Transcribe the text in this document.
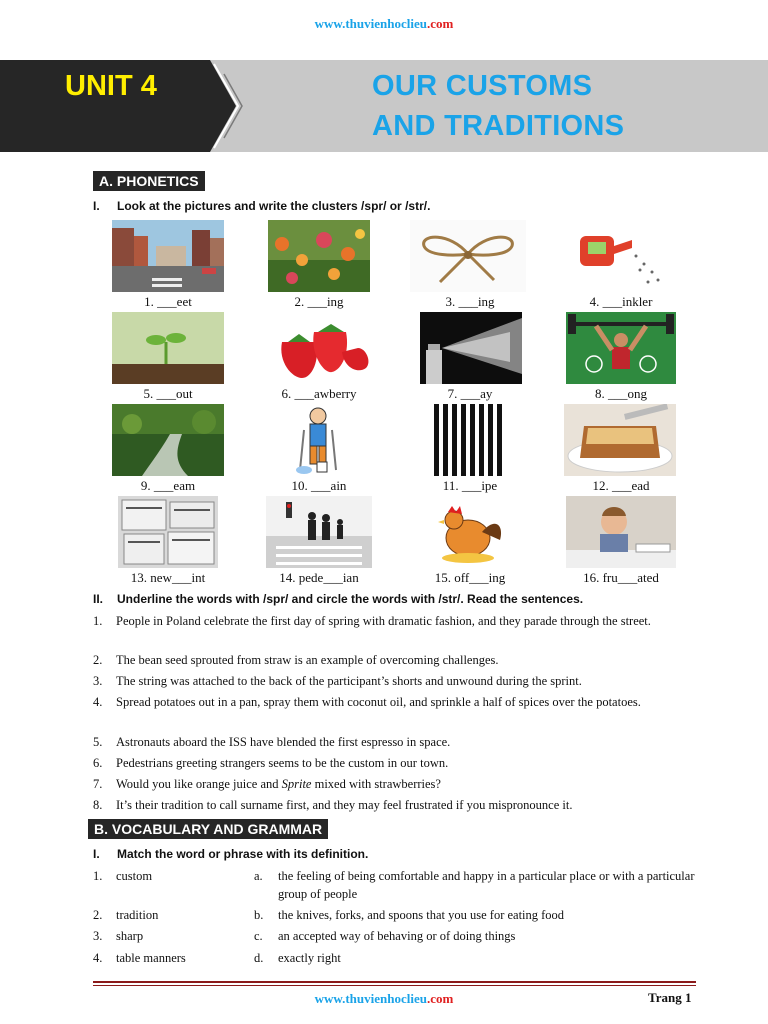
www.thuvienhoclieu.com
UNIT 4	OUR CUSTOMS
AND TRADITIONS
A. PHONETICS
I. Look at the pictures and write the clusters /spr/ or /str/.
1. ___eet	2. ___ing	3. ___ing	4. ___inkler
5. ___out	6. ___awberry	7. ___ay	8. ___ong
9. ___eam	10. ___ain	11. ___ipe	12. ___ead
13. new___int	14. pede___ian	15. off___ing	16. fru___ated
II. Underline the words with /spr/ and circle the words with /str/. Read the sentences.
1. People in Poland celebrate the first day of spring with dramatic fashion, and they parade through the street.
2. The bean seed sprouted from straw is an example of overcoming challenges.
3. The string was attached to the back of the participant’s shorts and unwound during the sprint.
4. Spread potatoes out in a pan, spray them with coconut oil, and sprinkle a half of spices over the potatoes.
5. Astronauts aboard the ISS have blended the first espresso in space.
6. Pedestrians greeting strangers seems to be the custom in our town.
7. Would you like orange juice and Sprite mixed with strawberries?
8. It’s their tradition to call surname first, and they may feel frustrated if you mispronounce it.
B. VOCABULARY AND GRAMMAR
I. Match the word or phrase with its definition.
1. custom	a. the feeling of being comfortable and happy in a particular place or with a particular group of people
2. tradition	b. the knives, forks, and spoons that you use for eating food
3. sharp	c. an accepted way of behaving or of doing things
4. table manners	d. exactly right
www.thuvienhoclieu.com	Trang 1
